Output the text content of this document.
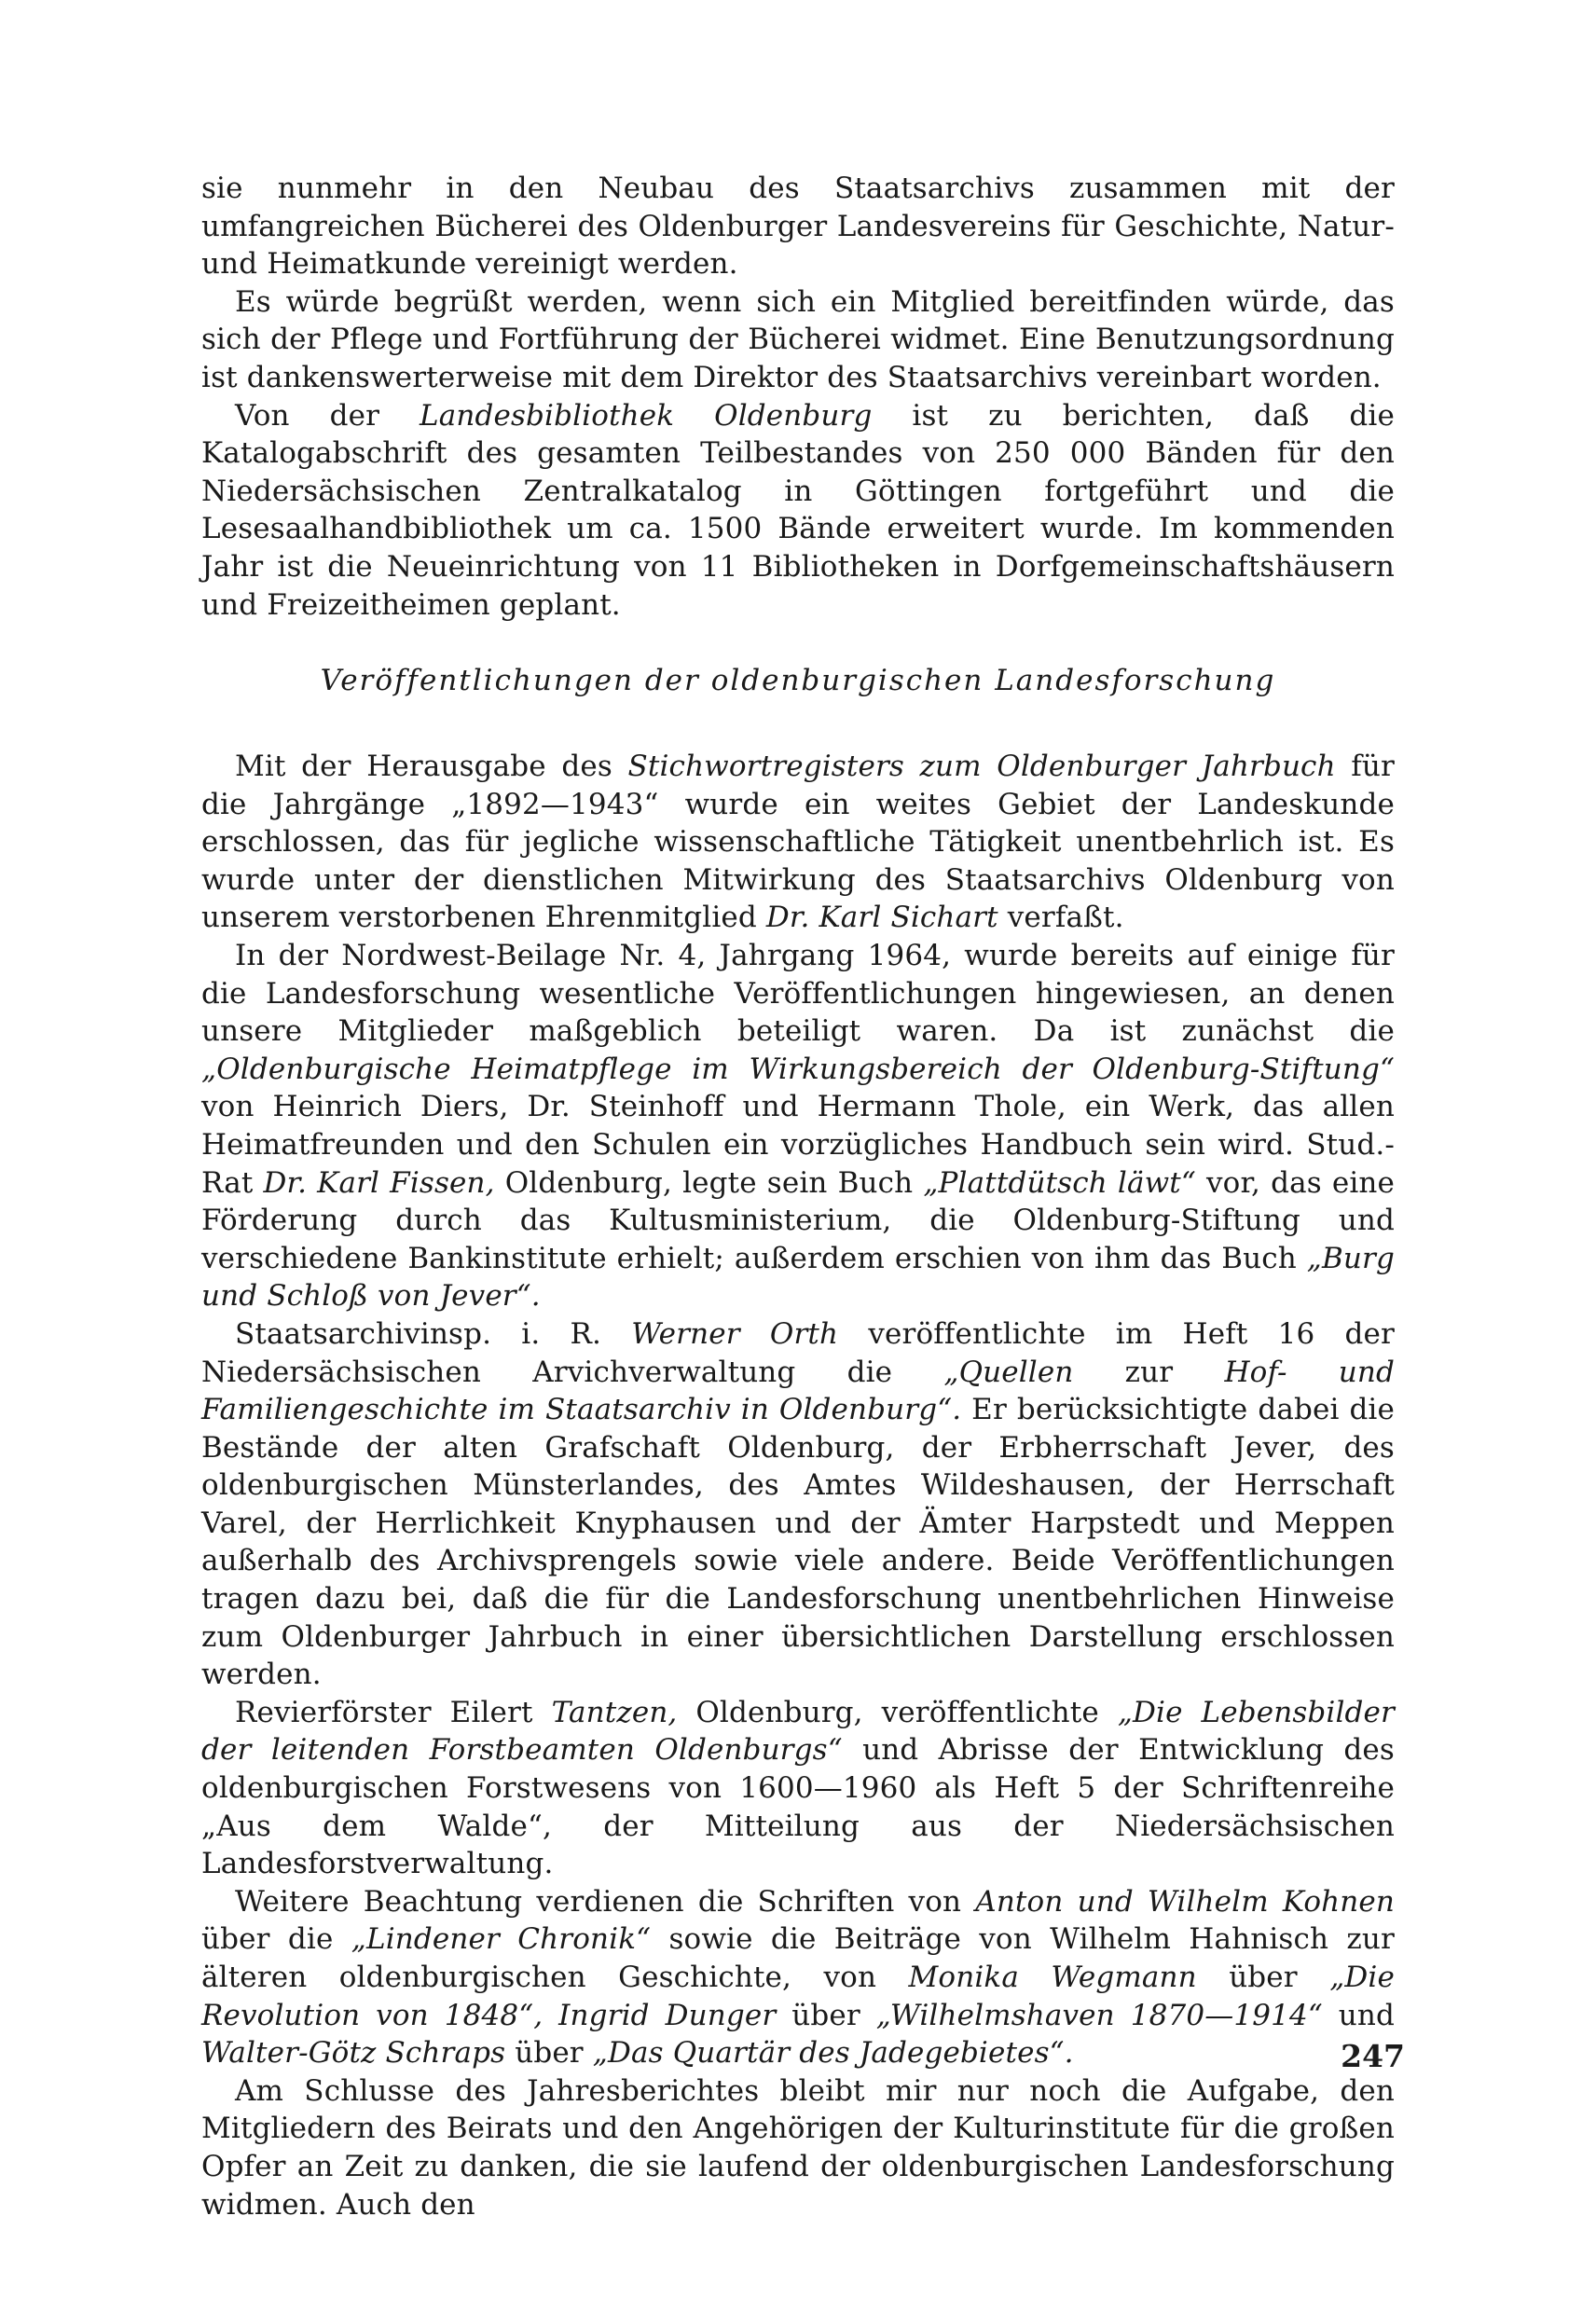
sie nunmehr in den Neubau des Staatsarchivs zusammen mit der umfangreichen Bücherei des Oldenburger Landesvereins für Geschichte, Natur- und Heimatkunde vereinigt werden.

Es würde begrüßt werden, wenn sich ein Mitglied bereitfinden würde, das sich der Pflege und Fortführung der Bücherei widmet. Eine Benutzungsordnung ist dankenswerterweise mit dem Direktor des Staatsarchivs vereinbart worden.

Von der Landesbibliothek Oldenburg ist zu berichten, daß die Katalogabschrift des gesamten Teilbestandes von 250 000 Bänden für den Niedersächsischen Zentralkatalog in Göttingen fortgeführt und die Lesesaalhandbibliothek um ca. 1500 Bände erweitert wurde. Im kommenden Jahr ist die Neueinrichtung von 11 Bibliotheken in Dorfgemeinschaftshäusern und Freizeitheimen geplant.

Veröffentlichungen der oldenburgischen Landesforschung

Mit der Herausgabe des Stichwortregisters zum Oldenburger Jahrbuch für die Jahrgänge „1892—1943“ wurde ein weites Gebiet der Landeskunde erschlossen, das für jegliche wissenschaftliche Tätigkeit unentbehrlich ist. Es wurde unter der dienstlichen Mitwirkung des Staatsarchivs Oldenburg von unserem verstorbenen Ehrenmitglied Dr. Karl Sichart verfaßt.

In der Nordwest-Beilage Nr. 4, Jahrgang 1964, wurde bereits auf einige für die Landesforschung wesentliche Veröffentlichungen hingewiesen, an denen unsere Mitglieder maßgeblich beteiligt waren. Da ist zunächst die „Oldenburgische Heimatpflege im Wirkungsbereich der Oldenburg-Stiftung“ von Heinrich Diers, Dr. Steinhoff und Hermann Thole, ein Werk, das allen Heimatfreunden und den Schulen ein vorzügliches Handbuch sein wird. Stud.-Rat Dr. Karl Fissen, Oldenburg, legte sein Buch „Plattdütsch läwt“ vor, das eine Förderung durch das Kultusministerium, die Oldenburg-Stiftung und verschiedene Bankinstitute erhielt; außerdem erschien von ihm das Buch „Burg und Schloß von Jever“.

Staatsarchivinsp. i. R. Werner Orth veröffentlichte im Heft 16 der Niedersächsischen Arvichverwaltung die „Quellen zur Hof- und Familiengeschichte im Staatsarchiv in Oldenburg“. Er berücksichtigte dabei die Bestände der alten Grafschaft Oldenburg, der Erbherrschaft Jever, des oldenburgischen Münsterlandes, des Amtes Wildeshausen, der Herrschaft Varel, der Herrlichkeit Knyphausen und der Ämter Harpstedt und Meppen außerhalb des Archivsprengels sowie viele andere. Beide Veröffentlichungen tragen dazu bei, daß die für die Landesforschung unentbehrlichen Hinweise zum Oldenburger Jahrbuch in einer übersichtlichen Darstellung erschlossen werden.

Revierförster Eilert Tantzen, Oldenburg, veröffentlichte „Die Lebensbilder der leitenden Forstbeamten Oldenburgs“ und Abrisse der Entwicklung des oldenburgischen Forstwesens von 1600—1960 als Heft 5 der Schriftenreihe „Aus dem Walde“, der Mitteilung aus der Niedersächsischen Landesforstverwaltung.

Weitere Beachtung verdienen die Schriften von Anton und Wilhelm Kohnen über die „Lindener Chronik“ sowie die Beiträge von Wilhelm Hahnisch zur älteren oldenburgischen Geschichte, von Monika Wegmann über „Die Revolution von 1848“, Ingrid Dunger über „Wilhelmshaven 1870—1914“ und Walter-Götz Schraps über „Das Quartär des Jadegebietes“.

Am Schlusse des Jahresberichtes bleibt mir nur noch die Aufgabe, den Mitgliedern des Beirats und den Angehörigen der Kulturinstitute für die großen Opfer an Zeit zu danken, die sie laufend der oldenburgischen Landesforschung widmen. Auch den

247
